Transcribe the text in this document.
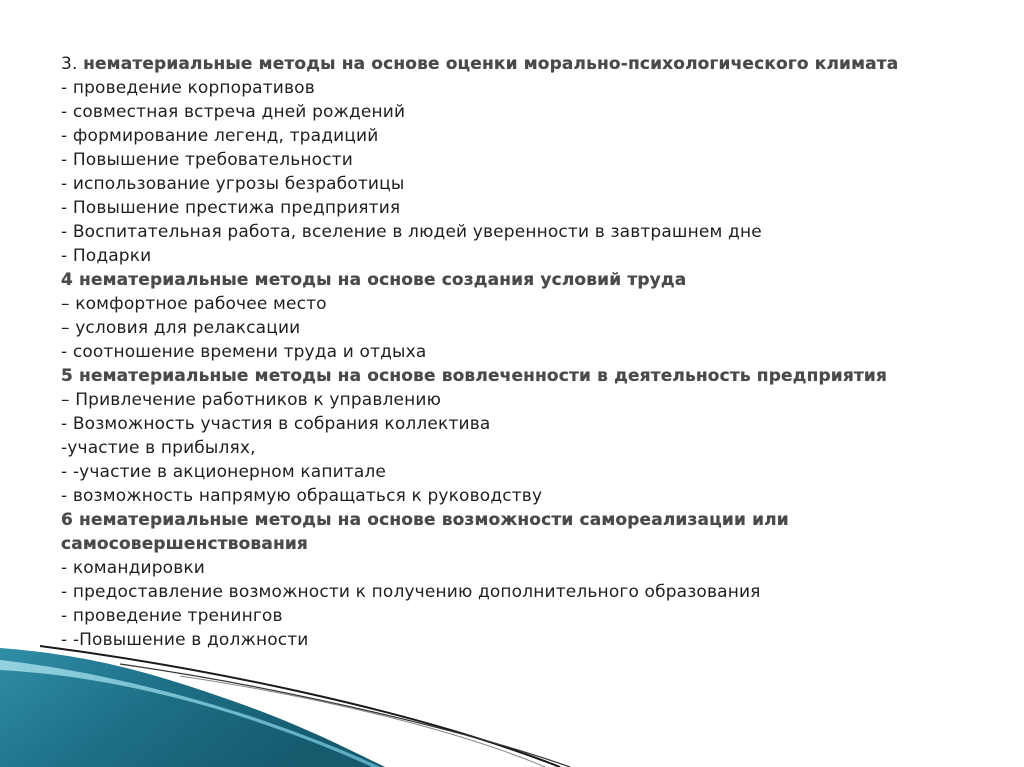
3. нематериальные методы на основе оценки морально-психологического климата
- проведение корпоративов
- совместная встреча дней рождений
- формирование легенд, традиций
- Повышение требовательности
- использование угрозы безработицы
- Повышение престижа предприятия
- Воспитательная работа, вселение в людей уверенности в завтрашнем дне
- Подарки
4 нематериальные методы на основе создания условий труда
– комфортное рабочее место
– условия для релаксации
- соотношение времени труда и отдыха
5 нематериальные методы на основе вовлеченности в деятельность предприятия
– Привлечение работников к управлению
- Возможность участия в собрания коллектива
-участие в прибылях,
- -участие в акционерном капитале
- возможность напрямую обращаться к руководству
6 нематериальные методы на основе возможности самореализации или самосовершенствования
- командировки
- предоставление возможности к получению дополнительного образования
- проведение тренингов
- -Повышение в должности
